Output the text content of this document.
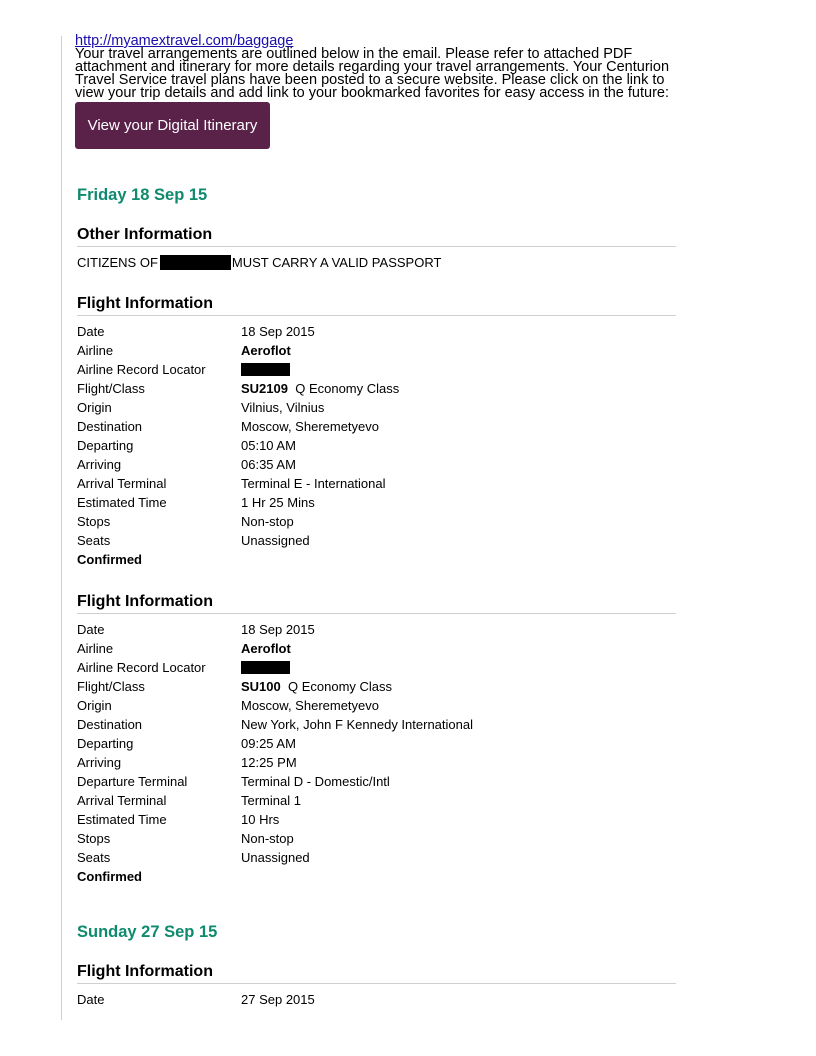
http://myamextravel.com/baggage
Your travel arrangements are outlined below in the email. Please refer to attached PDF attachment and itinerary for more details regarding your travel arrangements. Your Centurion Travel Service travel plans have been posted to a secure website. Please click on the link to view your trip details and add link to your bookmarked favorites for easy access in the future:
View your Digital Itinerary
Friday 18 Sep 15
Other Information
CITIZENS OF	MUST CARRY A VALID PASSPORT
Flight Information
Date	18 Sep 2015
Airline	Aeroflot
Airline Record Locator
Flight/Class	SU2109 Q Economy Class
Origin	Vilnius, Vilnius
Destination	Moscow, Sheremetyevo
Departing	05:10 AM
Arriving	06:35 AM
Arrival Terminal	Terminal E - International
Estimated Time	1 Hr 25 Mins
Stops	Non-stop
Seats	Unassigned
Confirmed
Flight Information
Date	18 Sep 2015
Airline	Aeroflot
Airline Record Locator
Flight/Class	SU100 Q Economy Class
Origin	Moscow, Sheremetyevo
Destination	New York, John F Kennedy International
Departing	09:25 AM
Arriving	12:25 PM
Departure Terminal	Terminal D - Domestic/Intl
Arrival Terminal	Terminal 1
Estimated Time	10 Hrs
Stops	Non-stop
Seats	Unassigned
Confirmed
Sunday 27 Sep 15
Flight Information
Date	27 Sep 2015
